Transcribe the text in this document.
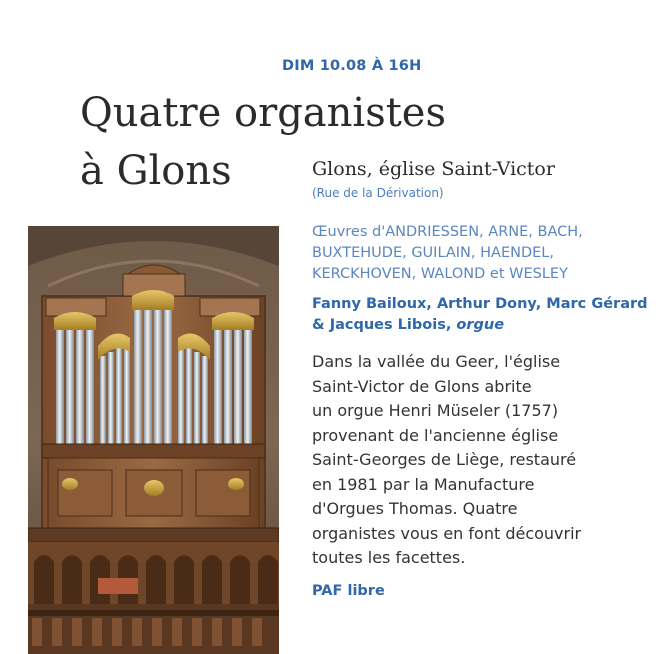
DIM 10.08 À 16H
Quatre organistes
à Glons	Glons, église Saint-Victor
(Rue de la Dérivation)
Œuvres d'ANDRIESSEN, ARNE, BACH,
BUXTEHUDE, GUILAIN, HAENDEL,
KERCKHOVEN, WALOND et WESLEY
Fanny Bailoux, Arthur Dony, Marc Gérard
& Jacques Libois, orgue
Dans la vallée du Geer, l'église
Saint-Victor de Glons abrite
un orgue Henri Müseler (1757)
provenant de l'ancienne église
Saint-Georges de Liège, restauré
en 1981 par la Manufacture
d'Orgues Thomas. Quatre
organistes vous en font découvrir
toutes les facettes.
PAF libre
